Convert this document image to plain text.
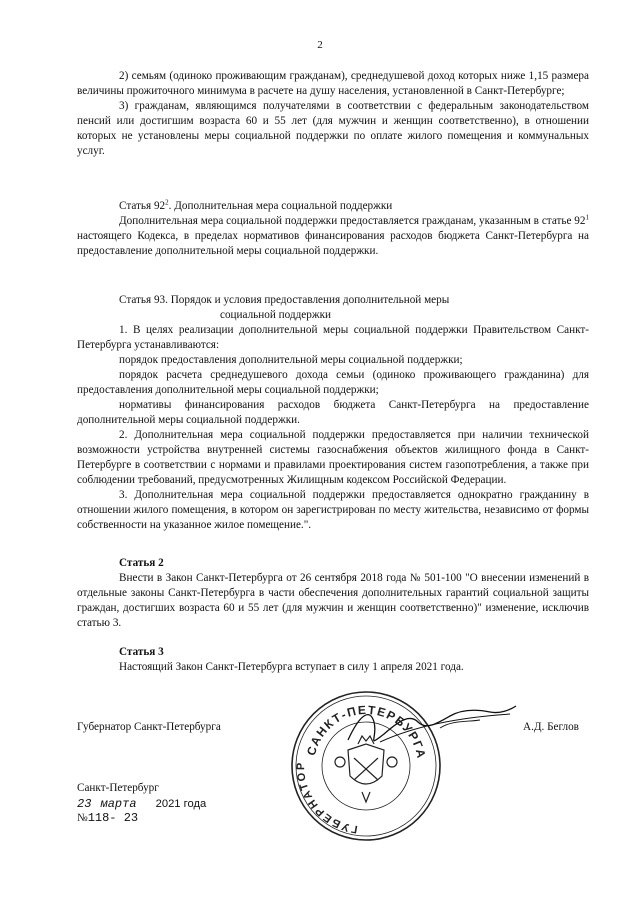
2

2) семьям (одиноко проживающим гражданам), среднедушевой доход которых ниже 1,15 размера величины прожиточного минимума в расчете на душу населения, установленной в Санкт-Петербурге;

3) гражданам, являющимся получателями в соответствии с федеральным законодательством пенсий или достигшим возраста 60 и 55 лет (для мужчин и женщин соответственно), в отношении которых не установлены меры социальной поддержки по оплате жилого помещения и коммунальных услуг.

Статья $92^2$. Дополнительная мера социальной поддержки

Дополнительная мера социальной поддержки предоставляется гражданам, указанным в статье $92^1$ настоящего Кодекса, в пределах нормативов финансирования расходов бюджета Санкт-Петербурга на предоставление дополнительной меры социальной поддержки.

Статья 93. Порядок и условия предоставления дополнительной меры

социальной поддержки

1. В целях реализации дополнительной меры социальной поддержки Правительством Санкт-Петербурга устанавливаются:

порядок предоставления дополнительной меры социальной поддержки;

порядок расчета среднедушевого дохода семьи (одиноко проживающего гражданина) для предоставления дополнительной меры социальной поддержки;

нормативы финансирования расходов бюджета Санкт-Петербурга на предоставление дополнительной меры социальной поддержки.

2. Дополнительная мера социальной поддержки предоставляется при наличии технической возможности устройства внутренней системы газоснабжения объектов жилищного фонда в Санкт-Петербурге в соответствии с нормами и правилами проектирования систем газопотребления, а также при соблюдении требований, предусмотренных Жилищным кодексом Российской Федерации.

3. Дополнительная мера социальной поддержки предоставляется однократно гражданину в отношении жилого помещения, в котором он зарегистрирован по месту жительства, независимо от формы собственности на указанное жилое помещение.".

Статья 2

Внести в Закон Санкт-Петербурга от 26 сентября 2018 года № 501-100 "О внесении изменений в отдельные законы Санкт-Петербурга в части обеспечения дополнительных гарантий социальной защиты граждан, достигших возраста 60 и 55 лет (для мужчин и женщин соответственно)" изменение, исключив статью 3.

Статья 3

Настоящий Закон Санкт-Петербурга вступает в силу 1 апреля 2021 года.

САНКТ-ПЕТЕРБУРГА
ГУБЕРНАТОР
Губернатор Санкт-Петербурга	А.Д. Беглов
Санкт-Петербург
23 марта 2021 года
№118- 23
